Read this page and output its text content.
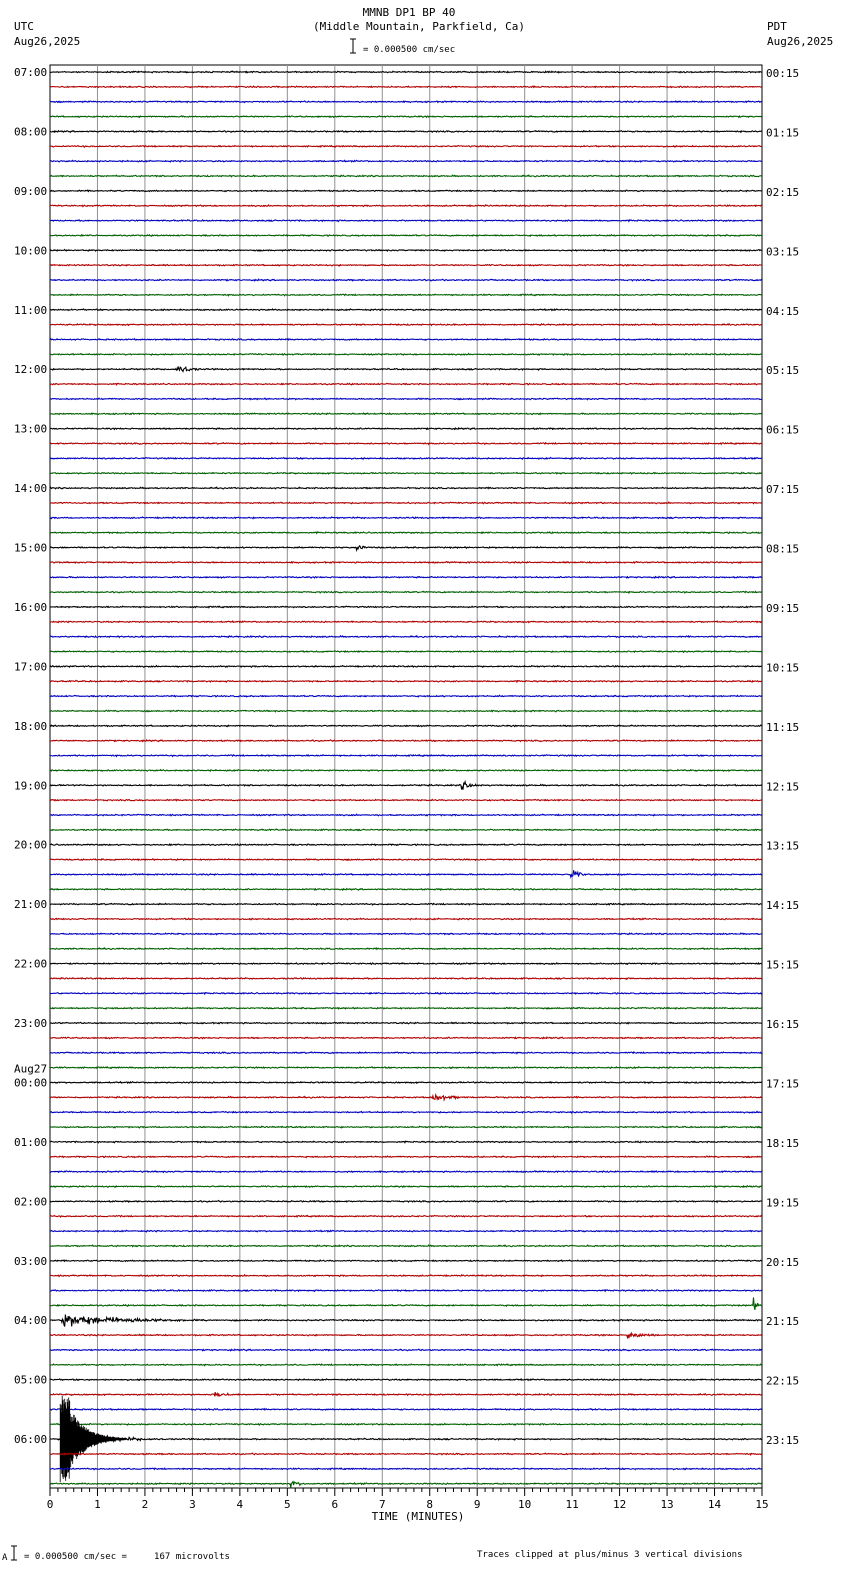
MMNB DP1 BP 40
(Middle Mountain, Parkfield, Ca)
= 0.000500 cm/sec
UTC
Aug26,2025
PDT
Aug26,2025
07:00
08:00
09:00
10:00
11:00
12:00
13:00
14:00
15:00
16:00
17:00
18:00
19:00
20:00
21:00
22:00
23:00
00:00
Aug27
01:00
02:00
03:00
04:00
05:00
06:00
00:15
01:15
02:15
03:15
04:15
05:15
06:15
07:15
08:15
09:15
10:15
11:15
12:15
13:15
14:15
15:15
16:15
17:15
18:15
19:15
20:15
21:15
22:15
23:15
0	1	2	3	4	5	6	7	8	9	10	11	12	13	14	15
TIME (MINUTES)
A = 0.000500 cm/sec =     167 microvolts	Traces clipped at plus/minus 3 vertical divisions
